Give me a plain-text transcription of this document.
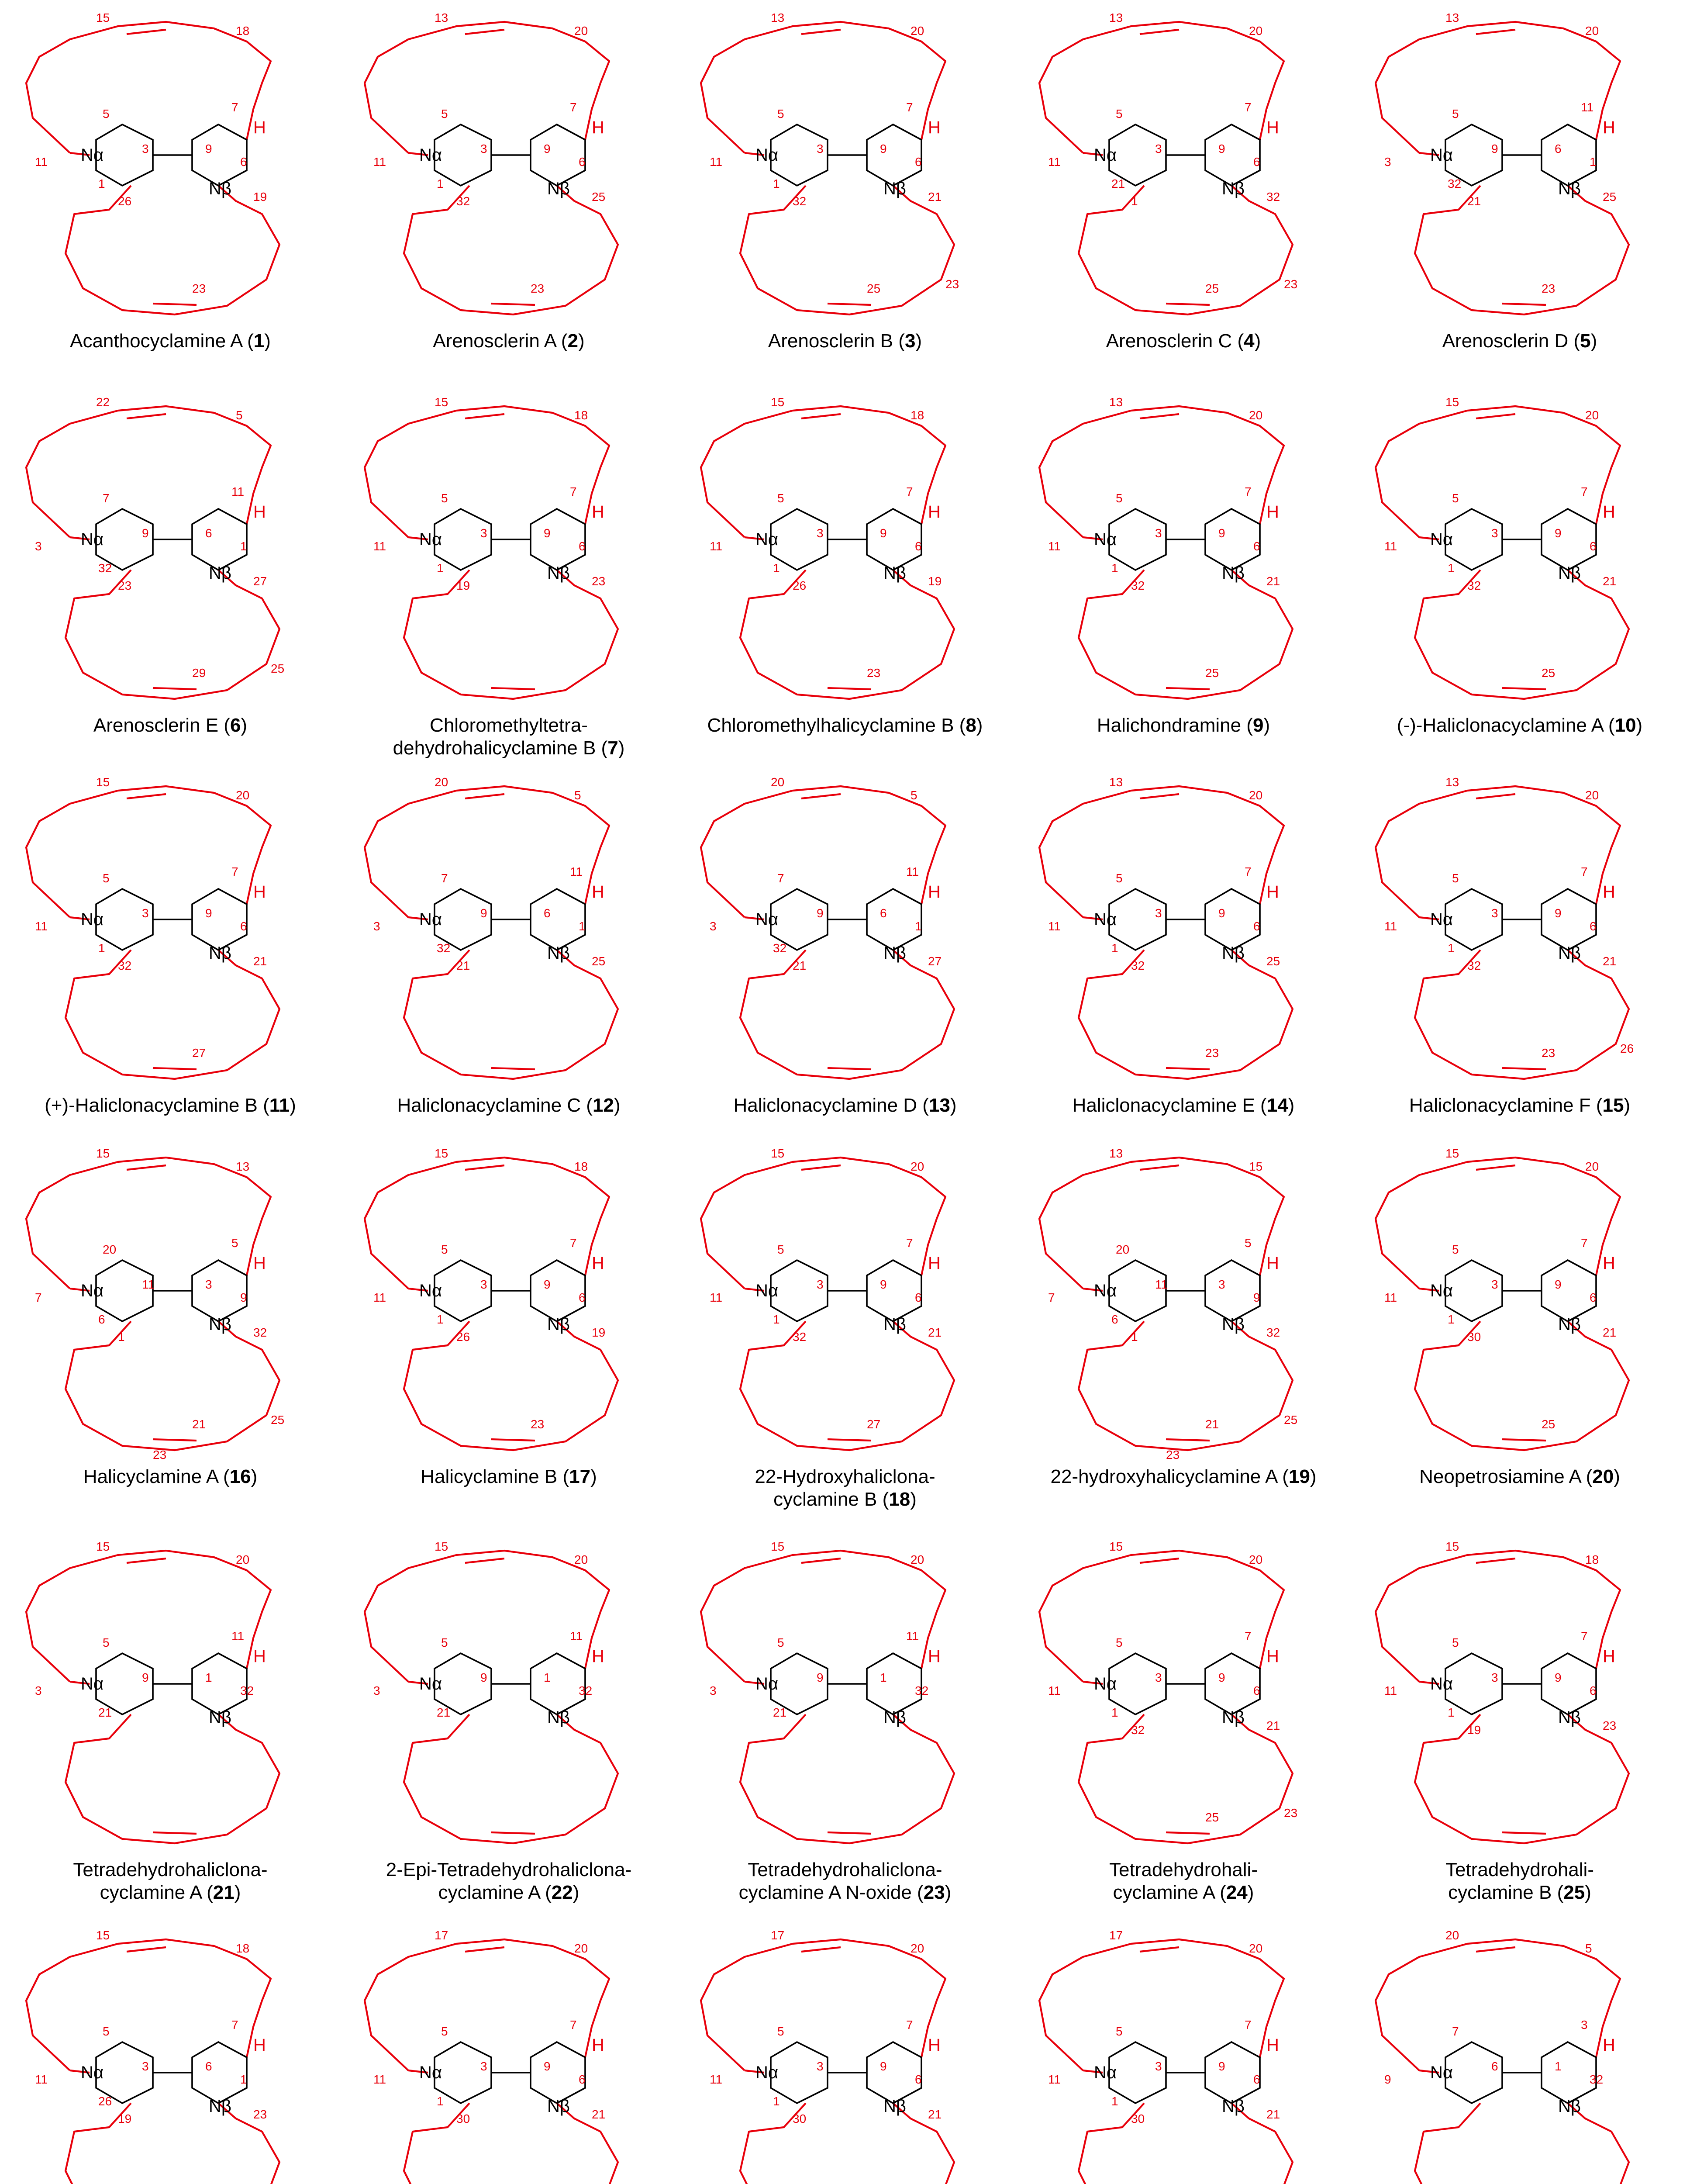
Nα
Nβ
H
15
18
5	7
11
3	9
6
1
26	19
23
Acanthocyclamine A (1)
Nα
Nβ
H
13
20
5	7
11
3	9
6
1
32	25
23
Arenosclerin A (2)
Nα
Nβ
H
13
20
5	7
11
3	9
6
1
32	21
25	23
Arenosclerin B (3)
Nα
Nβ
H
13
20
5	7
11
3	9
6
21
1	32
25	23
Arenosclerin C (4)
Nα
Nβ
H
13
20
5	11
3
9	6
1
32
21	25
23
Arenosclerin D (5)
Nα
Nβ
H
22
5
7	11
3
9	6
1
32
23	27
29	25
Arenosclerin E (6)
Nα
Nβ
H
15
18
5	7
11
3	9
6
1
19	23
Chloromethyltetra-dehydrohalicyclamine B (7)
Nα
Nβ
H
15
18
5	7
11
3	9
6
1
26	19
23
Chloromethylhalicyclamine B (8)
Nα
Nβ
H
13
20
5	7
11
3	9
6
1
32	21
25
Halichondramine (9)
Nα
Nβ
H
15
20
5	7
11
3	9
6
1
32	21
25
(-)-Haliclonacyclamine A (10)
Nα
Nβ
H
15
20
5	7
11
3	9
6
1
32	21
27
(+)-Haliclonacyclamine B (11)
Nα
Nβ
H
20
5
7	11
3
9	6
1
32
21	25
Haliclonacyclamine C (12)
Nα
Nβ
H
20
5
7	11
3
9	6
1
32
21	27
Haliclonacyclamine D (13)
Nα
Nβ
H
13
20
5	7
11
3	9
6
1
32	25
23
Haliclonacyclamine E (14)
Nα
Nβ
H
13
20
5	7
11
3	9
6
1
32	21
23	26
Haliclonacyclamine F (15)
Nα
Nβ
H
15
13
20	5
7
11	3
9
6
1	32
21	25
23
Halicyclamine A (16)
Nα
Nβ
H
15
18
5	7
11
3	9
6
1
26	19
23
Halicyclamine B (17)
Nα
Nβ
H
15
20
5	7
11
3	9
6
1
32	21
27
22-Hydroxyhaliclona-cyclamine B (18)
Nα
Nβ
H
13
15
20	5
7
11	3
9
6
1	32
21	25
23
22-hydroxyhalicyclamine A (19)
Nα
Nβ
H
15
20
5	7
11
3	9
6
1
30	21
25
Neopetrosiamine A (20)
Nα
Nβ
H
15
20
5	11
3
9	1
32
21
Tetradehydrohaliclona-cyclamine A (21)
Nα
Nβ
H
15
20
5	11
3
9	1
32
21
2-Epi-Tetradehydrohaliclona-cyclamine A (22)
Nα
Nβ
H
15
20
5	11
3
9	1
32
21
Tetradehydrohaliclona-cyclamine A N-oxide (23)
Nα
Nβ
H
15
20
5	7
11
3	9
6
1
32	21
25	23
Tetradehydrohali-cyclamine A (24)
Nα
Nβ
H
15
18
5	7
11
3	9
6
1
19	23
Tetradehydrohali-cyclamine B (25)
Nα
Nβ
H
15
18
5	7
11
3	6
1
26
19	23
Nα
Nβ
H
17
20
5	7
11
3	9
6
1
30	21
Nα
Nβ
H
17
20
5	7
11
3	9
6
1
30	21
Nα
Nβ
H
17
20
5	7
11
3	9
6
1
30	21
Nα
Nβ
H
20
5
7	3
9
6	1
32
